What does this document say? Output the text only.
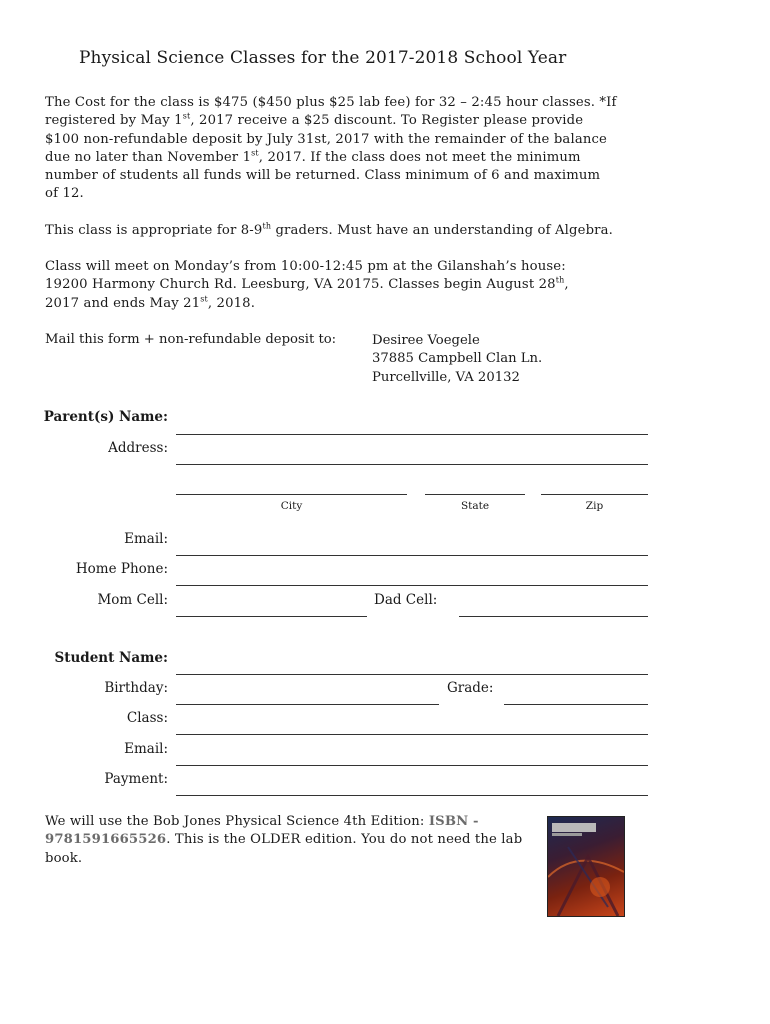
Physical Science Classes for the 2017-2018 School Year
The Cost for the class is $475 ($450 plus $25 lab fee) for 32 – 2:45 hour classes. *If
registered by May 1st, 2017 receive a $25 discount. To Register please provide
$100 non-refundable deposit by July 31st, 2017 with the remainder of the balance
due no later than November 1st, 2017. If the class does not meet the minimum
number of students all funds will be returned. Class minimum of 6 and maximum
of 12.
This class is appropriate for 8-9th graders. Must have an understanding of Algebra.
Class will meet on Monday’s from 10:00-12:45 pm at the Gilanshah’s house:
19200 Harmony Church Rd. Leesburg, VA 20175. Classes begin August 28th,
2017 and ends May 21st, 2018.
Mail this form + non-refundable deposit to:	Desiree Voegele
37885 Campbell Clan Ln.
Purcellville, VA 20132
Parent(s) Name:
Address:
City	State	Zip
Email:
Home Phone:
Mom Cell:	Dad Cell:
Student Name:
Birthday:	Grade:
Class:
Email:
Payment:
We will use the Bob Jones Physical Science 4th Edition: ISBN - 9781591665526. This is the OLDER edition. You do not need the lab book.
